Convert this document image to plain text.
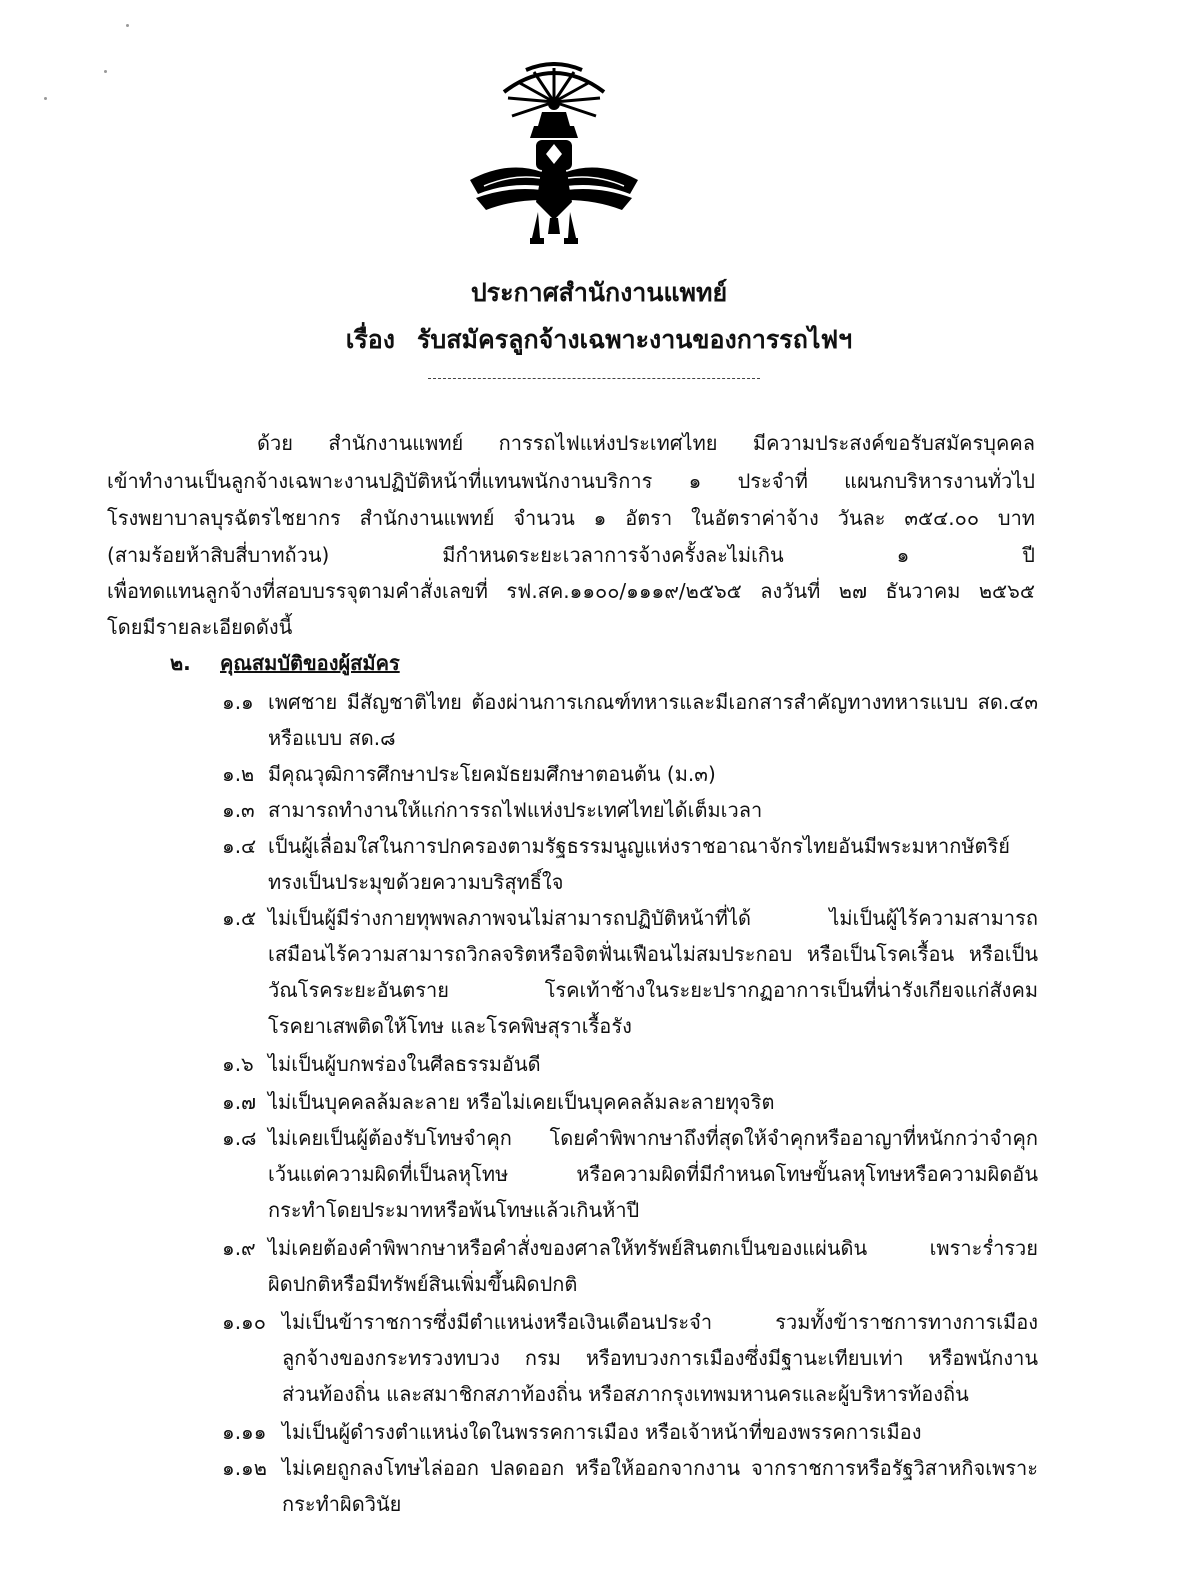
ประกาศสำนักงานแพทย์
เรื่อง รับสมัครลูกจ้างเฉพาะงานของการรถไฟฯ
ด้วย สำนักงานแพทย์ การรถไฟแห่งประเทศไทย มีความประสงค์ขอรับสมัครบุคคล
เข้าทำงานเป็นลูกจ้างเฉพาะงานปฏิบัติหน้าที่แทนพนักงานบริการ ๑ ประจำที่ แผนกบริหารงานทั่วไป
โรงพยาบาลบุรฉัตรไชยากร สำนักงานแพทย์ จำนวน ๑ อัตรา ในอัตราค่าจ้าง วันละ ๓๕๔.๐๐ บาท
(สามร้อยห้าสิบสี่บาทถ้วน) มีกำหนดระยะเวลาการจ้างครั้งละไม่เกิน ๑ ปี
เพื่อทดแทนลูกจ้างที่สอบบรรจุตามคำสั่งเลขที่ รฟ.สค.๑๑๐๐/๑๑๑๙/๒๕๖๕ ลงวันที่ ๒๗ ธันวาคม ๒๕๖๕
โดยมีรายละเอียดดังนี้
๒. คุณสมบัติของผู้สมัคร
๑.๑ เพศชาย มีสัญชาติไทย ต้องผ่านการเกณฑ์ทหารและมีเอกสารสำคัญทางทหารแบบ สด.๔๓
หรือแบบ สด.๘
๑.๒ มีคุณวุฒิการศึกษาประโยคมัธยมศึกษาตอนต้น (ม.๓)
๑.๓ สามารถทำงานให้แก่การรถไฟแห่งประเทศไทยได้เต็มเวลา
๑.๔ เป็นผู้เลื่อมใสในการปกครองตามรัฐธรรมนูญแห่งราชอาณาจักรไทยอันมีพระมหากษัตริย์
ทรงเป็นประมุขด้วยความบริสุทธิ์ใจ
๑.๕ ไม่เป็นผู้มีร่างกายทุพพลภาพจนไม่สามารถปฏิบัติหน้าที่ได้ ไม่เป็นผู้ไร้ความสามารถ
เสมือนไร้ความสามารถวิกลจริตหรือจิตฟั่นเฟือนไม่สมประกอบ หรือเป็นโรคเรื้อน หรือเป็น
วัณโรคระยะอันตราย โรคเท้าช้างในระยะปรากฏอาการเป็นที่น่ารังเกียจแก่สังคม
โรคยาเสพติดให้โทษ และโรคพิษสุราเรื้อรัง
๑.๖ ไม่เป็นผู้บกพร่องในศีลธรรมอันดี
๑.๗ ไม่เป็นบุคคลล้มละลาย หรือไม่เคยเป็นบุคคลล้มละลายทุจริต
๑.๘ ไม่เคยเป็นผู้ต้องรับโทษจำคุก โดยคำพิพากษาถึงที่สุดให้จำคุกหรืออาญาที่หนักกว่าจำคุก
เว้นแต่ความผิดที่เป็นลหุโทษ หรือความผิดที่มีกำหนดโทษขั้นลหุโทษหรือความผิดอัน
กระทำโดยประมาทหรือพ้นโทษแล้วเกินห้าปี
๑.๙ ไม่เคยต้องคำพิพากษาหรือคำสั่งของศาลให้ทรัพย์สินตกเป็นของแผ่นดิน เพราะร่ำรวย
ผิดปกติหรือมีทรัพย์สินเพิ่มขึ้นผิดปกติ
๑.๑๐ ไม่เป็นข้าราชการซึ่งมีตำแหน่งหรือเงินเดือนประจำ รวมทั้งข้าราชการทางการเมือง
ลูกจ้างของกระทรวงทบวง กรม หรือทบวงการเมืองซึ่งมีฐานะเทียบเท่า หรือพนักงาน
ส่วนท้องถิ่น และสมาชิกสภาท้องถิ่น หรือสภากรุงเทพมหานครและผู้บริหารท้องถิ่น
๑.๑๑ ไม่เป็นผู้ดำรงตำแหน่งใดในพรรคการเมือง หรือเจ้าหน้าที่ของพรรคการเมือง
๑.๑๒ ไม่เคยถูกลงโทษไล่ออก ปลดออก หรือให้ออกจากงาน จากราชการหรือรัฐวิสาหกิจเพราะ
กระทำผิดวินัย
